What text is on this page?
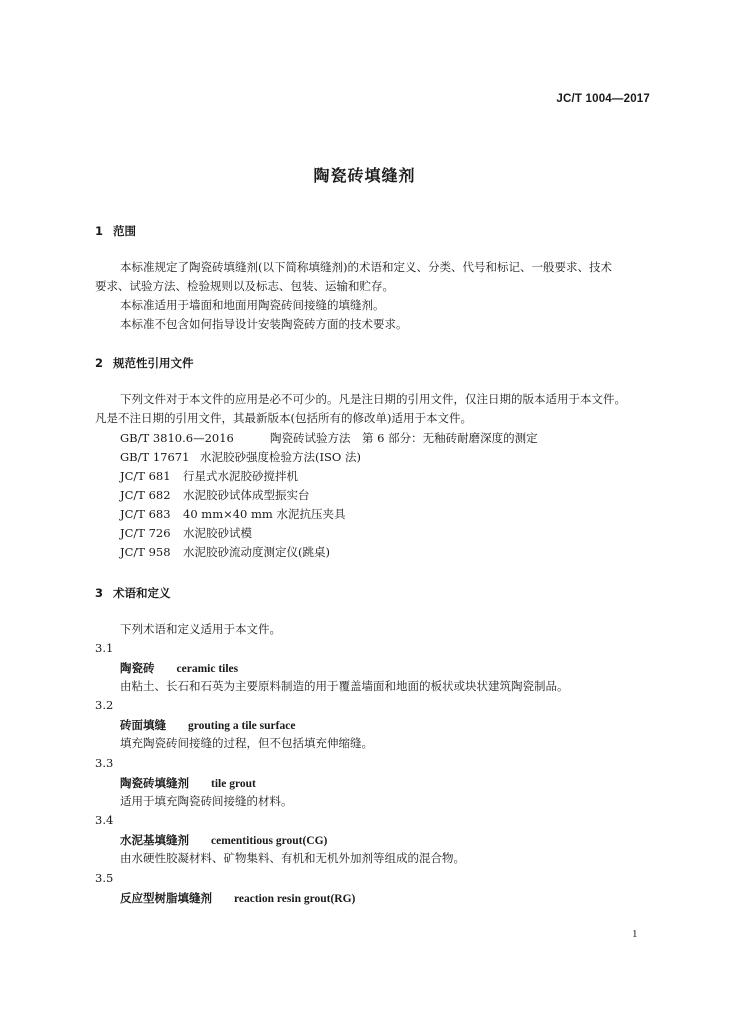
JC/T 1004—2017
陶瓷砖填缝剂
1 范围
本标准规定了陶瓷砖填缝剂(以下简称填缝剂)的术语和定义、分类、代号和标记、一般要求、技术
要求、试验方法、检验规则以及标志、包装、运输和贮存。
本标准适用于墙面和地面用陶瓷砖间接缝的填缝剂。
本标准不包含如何指导设计安装陶瓷砖方面的技术要求。
2 规范性引用文件
下列文件对于本文件的应用是必不可少的。凡是注日期的引用文件，仅注日期的版本适用于本文件。
凡是不注日期的引用文件，其最新版本(包括所有的修改单)适用于本文件。
GB/T 3810.6—2016	陶瓷砖试验方法　第 6 部分：无釉砖耐磨深度的测定
GB/T 17671 水泥胶砂强度检验方法(ISO 法)
JC/T 681 行星式水泥胶砂搅拌机
JC/T 682 水泥胶砂试体成型振实台
JC/T 683 40 mm×40 mm 水泥抗压夹具
JC/T 726 水泥胶砂试模
JC/T 958 水泥胶砂流动度测定仪(跳桌)
3 术语和定义
下列术语和定义适用于本文件。
3.1
陶瓷砖 ceramic tiles
由粘土、长石和石英为主要原料制造的用于覆盖墙面和地面的板状或块状建筑陶瓷制品。
3.2
砖面填缝 grouting a tile surface
填充陶瓷砖间接缝的过程，但不包括填充伸缩缝。
3.3
陶瓷砖填缝剂 tile grout
适用于填充陶瓷砖间接缝的材料。
3.4
水泥基填缝剂 cementitious grout(CG)
由水硬性胶凝材料、矿物集料、有机和无机外加剂等组成的混合物。
3.5
反应型树脂填缝剂 reaction resin grout(RG)
1
